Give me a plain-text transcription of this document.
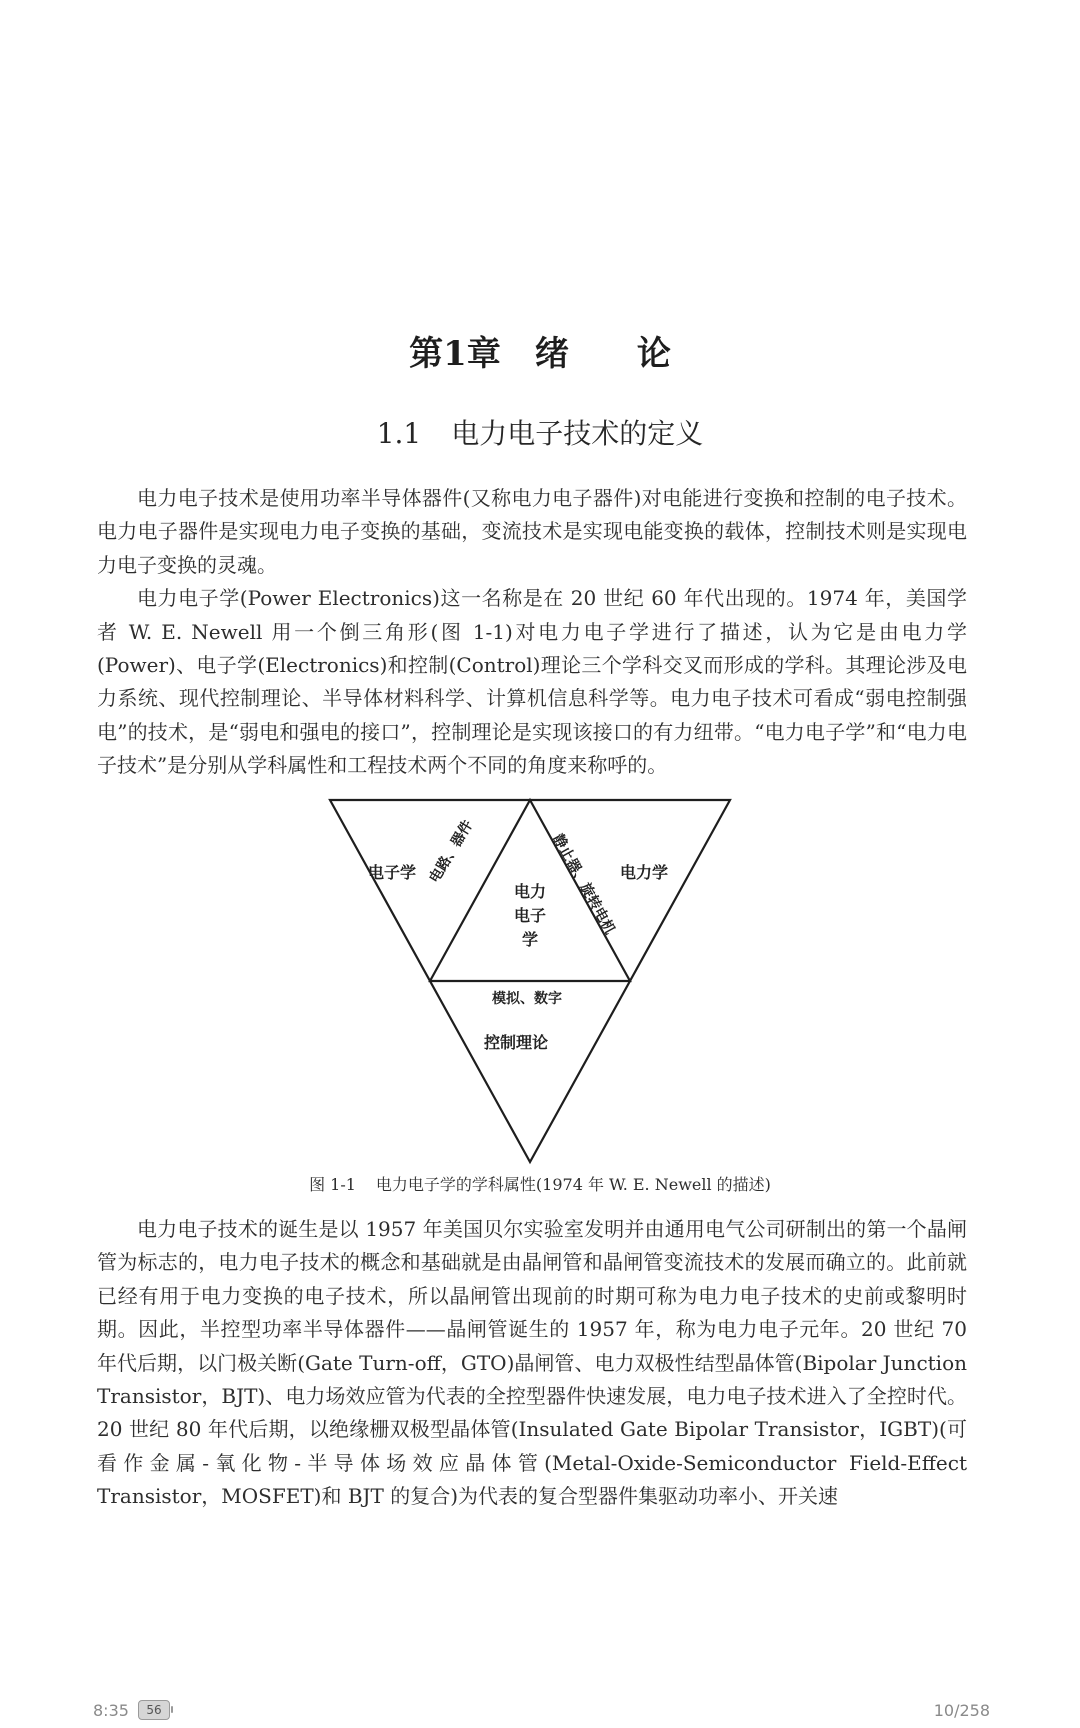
第1章 绪 论
1.1 电力电子技术的定义

电力电子技术是使用功率半导体器件(又称电力电子器件)对电能进行变换和控制的电子技术。电力电子器件是实现电力电子变换的基础，变流技术是实现电能变换的载体，控制技术则是实现电力电子变换的灵魂。

电力电子学(Power Electronics)这一名称是在 20 世纪 60 年代出现的。1974 年，美国学者 W. E. Newell 用一个倒三角形(图 1-1)对电力电子学进行了描述，认为它是由电力学(Power)、电子学(Electronics)和控制(Control)理论三个学科交叉而形成的学科。其理论涉及电力系统、现代控制理论、半导体材料科学、计算机信息科学等。电力电子技术可看成“弱电控制强电”的技术，是“弱电和强电的接口”，控制理论是实现该接口的有力纽带。“电力电子学”和“电力电子技术”是分别从学科属性和工程技术两个不同的角度来称呼的。

电子学	电力学
控制理论
电力
电子
学
电路、器件	静止器、旋转电机
模拟、数字
图 1-1 电力电子学的学科属性(1974 年 W. E. Newell 的描述)

电力电子技术的诞生是以 1957 年美国贝尔实验室发明并由通用电气公司研制出的第一个晶闸管为标志的，电力电子技术的概念和基础就是由晶闸管和晶闸管变流技术的发展而确立的。此前就已经有用于电力变换的电子技术，所以晶闸管出现前的时期可称为电力电子技术的史前或黎明时期。因此，半控型功率半导体器件——晶闸管诞生的 1957 年，称为电力电子元年。20 世纪 70 年代后期，以门极关断(Gate Turn-off，GTO)晶闸管、电力双极性结型晶体管(Bipolar Junction Transistor，BJT)、电力场效应管为代表的全控型器件快速发展，电力电子技术进入了全控时代。20 世纪 80 年代后期，以绝缘栅双极型晶体管(Insulated Gate Bipolar Transistor，IGBT)(可看作金属-氧化物-半导体场效应晶体管(Metal-Oxide-Semiconductor Field-Effect Transistor，MOSFET)和 BJT 的复合)为代表的复合型器件集驱动功率小、开关速

8:35	56	10/258
